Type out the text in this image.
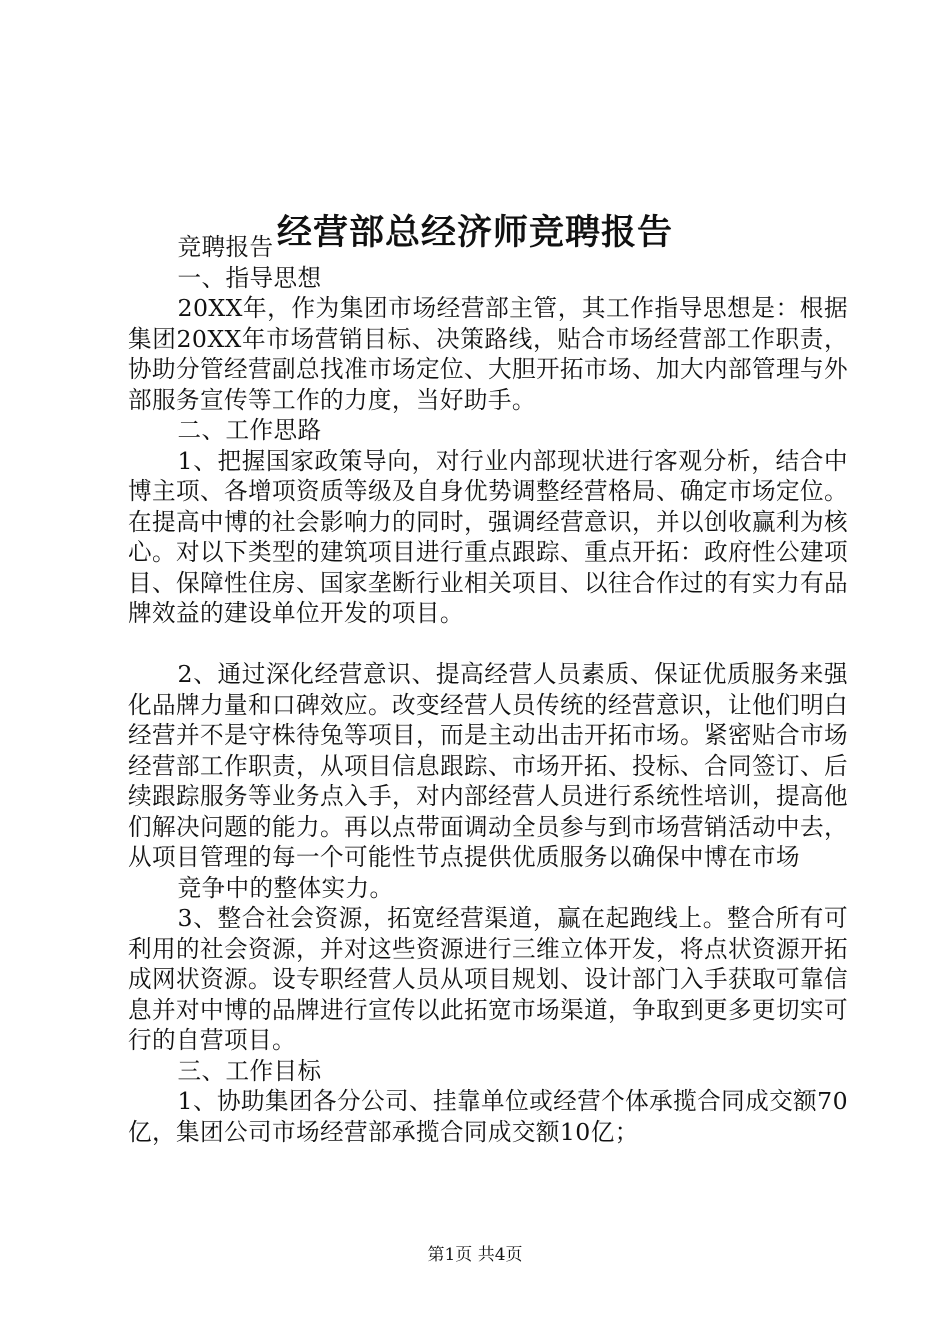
经营部总经济师竞聘报告

竞聘报告

一、指导思想

20XX年，作为集团市场经营部主管，其工作指导思想是：根据集团20XX年市场营销目标、决策路线，贴合市场经营部工作职责，协助分管经营副总找准市场定位、大胆开拓市场、加大内部管理与外部服务宣传等工作的力度，当好助手。

二、工作思路

1、把握国家政策导向，对行业内部现状进行客观分析，结合中博主项、各增项资质等级及自身优势调整经营格局、确定市场定位。在提高中博的社会影响力的同时，强调经营意识，并以创收赢利为核心。对以下类型的建筑项目进行重点跟踪、重点开拓：政府性公建项目、保障性住房、国家垄断行业相关项目、以往合作过的有实力有品牌效益的建设单位开发的项目。

2、通过深化经营意识、提高经营人员素质、保证优质服务来强化品牌力量和口碑效应。改变经营人员传统的经营意识，让他们明白经营并不是守株待兔等项目，而是主动出击开拓市场。紧密贴合市场经营部工作职责，从项目信息跟踪、市场开拓、投标、合同签订、后续跟踪服务等业务点入手，对内部经营人员进行系统性培训，提高他们解决问题的能力。再以点带面调动全员参与到市场营销活动中去，从项目管理的每一个可能性节点提供优质服务以确保中博在市场

竞争中的整体实力。

3、整合社会资源，拓宽经营渠道，赢在起跑线上。整合所有可利用的社会资源，并对这些资源进行三维立体开发，将点状资源开拓成网状资源。设专职经营人员从项目规划、设计部门入手获取可靠信息并对中博的品牌进行宣传以此拓宽市场渠道，争取到更多更切实可行的自营项目。

三、工作目标

1、协助集团各分公司、挂靠单位或经营个体承揽合同成交额70亿，集团公司市场经营部承揽合同成交额10亿；

第1页 共4页
